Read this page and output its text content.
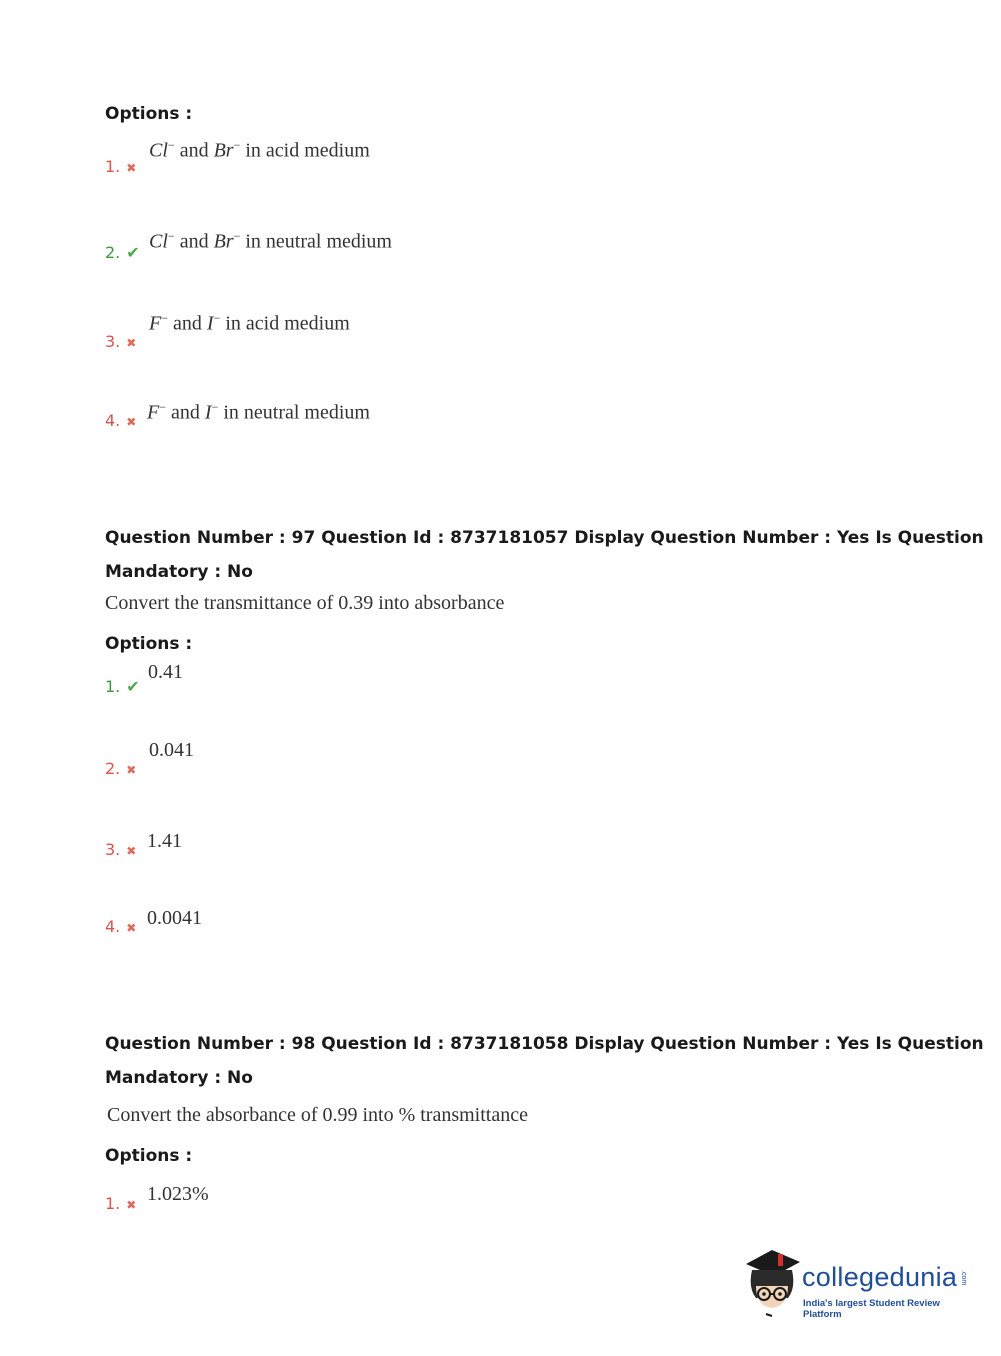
Options :
1. ✖
Cl− and Br− in acid medium
2. ✔ Cl− and Br− in neutral medium
3. ✖
F− and I− in acid medium
4. ✖ F− and I− in neutral medium
Question Number : 97 Question Id : 8737181057 Display Question Number : Yes Is Question
Mandatory : No
Convert the transmittance of 0.39 into absorbance
Options :
1. ✔
0.41
2. ✖
0.041
3. ✖ 1.41
4. ✖ 0.0041
Question Number : 98 Question Id : 8737181058 Display Question Number : Yes Is Question
Mandatory : No
Convert the absorbance of 0.99 into % transmittance
Options :
1. ✖ 1.023%
collegedunia .com
India's largest Student Review Platform
